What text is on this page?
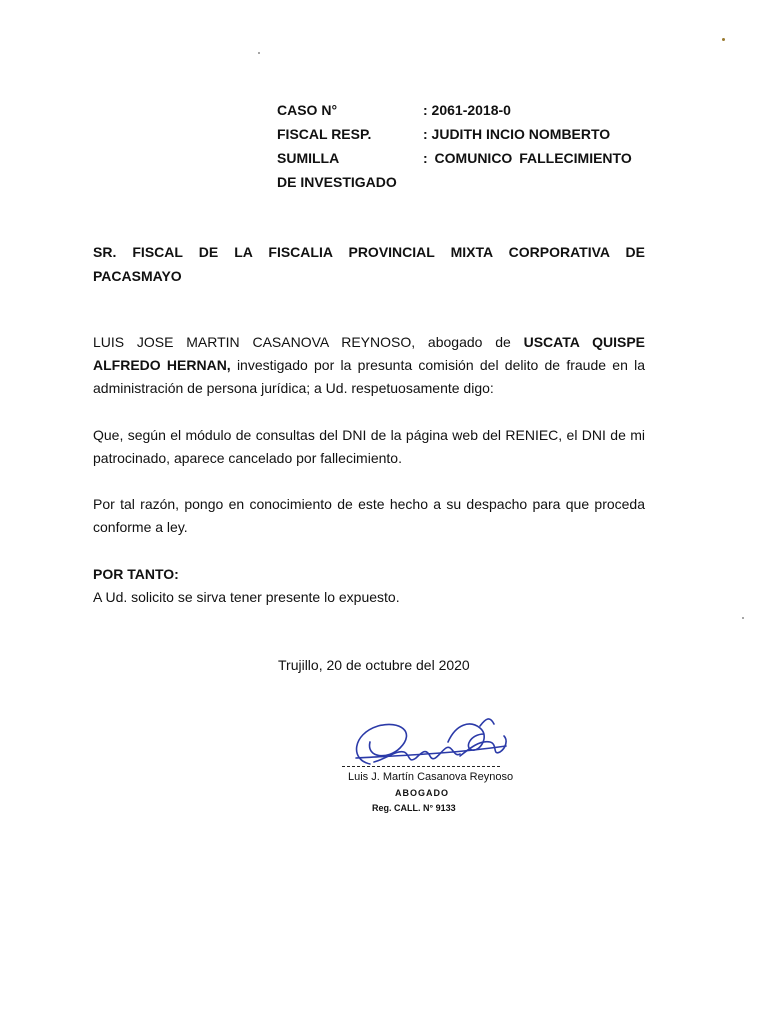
CASO N°	: 2061-2018-0
FISCAL RESP.	: JUDITH INCIO NOMBERTO
SUMILLA	: COMUNICO FALLECIMIENTO
DE INVESTIGADO
SR. FISCAL DE LA FISCALIA PROVINCIAL MIXTA CORPORATIVA DE
PACASMAYO
LUIS JOSE MARTIN CASANOVA REYNOSO, abogado de USCATA QUISPE
ALFREDO HERNAN, investigado por la presunta comisión del delito de fraude en la
administración de persona jurídica; a Ud. respetuosamente digo:
Que, según el módulo de consultas del DNI de la página web del RENIEC, el DNI de mi
patrocinado, aparece cancelado por fallecimiento.
Por tal razón, pongo en conocimiento de este hecho a su despacho para que proceda
conforme a ley.
POR TANTO:
A Ud. solicito se sirva tener presente lo expuesto.
Trujillo, 20 de octubre del 2020
Luis J. Martín Casanova Reynoso
ABOGADO
Reg. CALL. N° 9133
